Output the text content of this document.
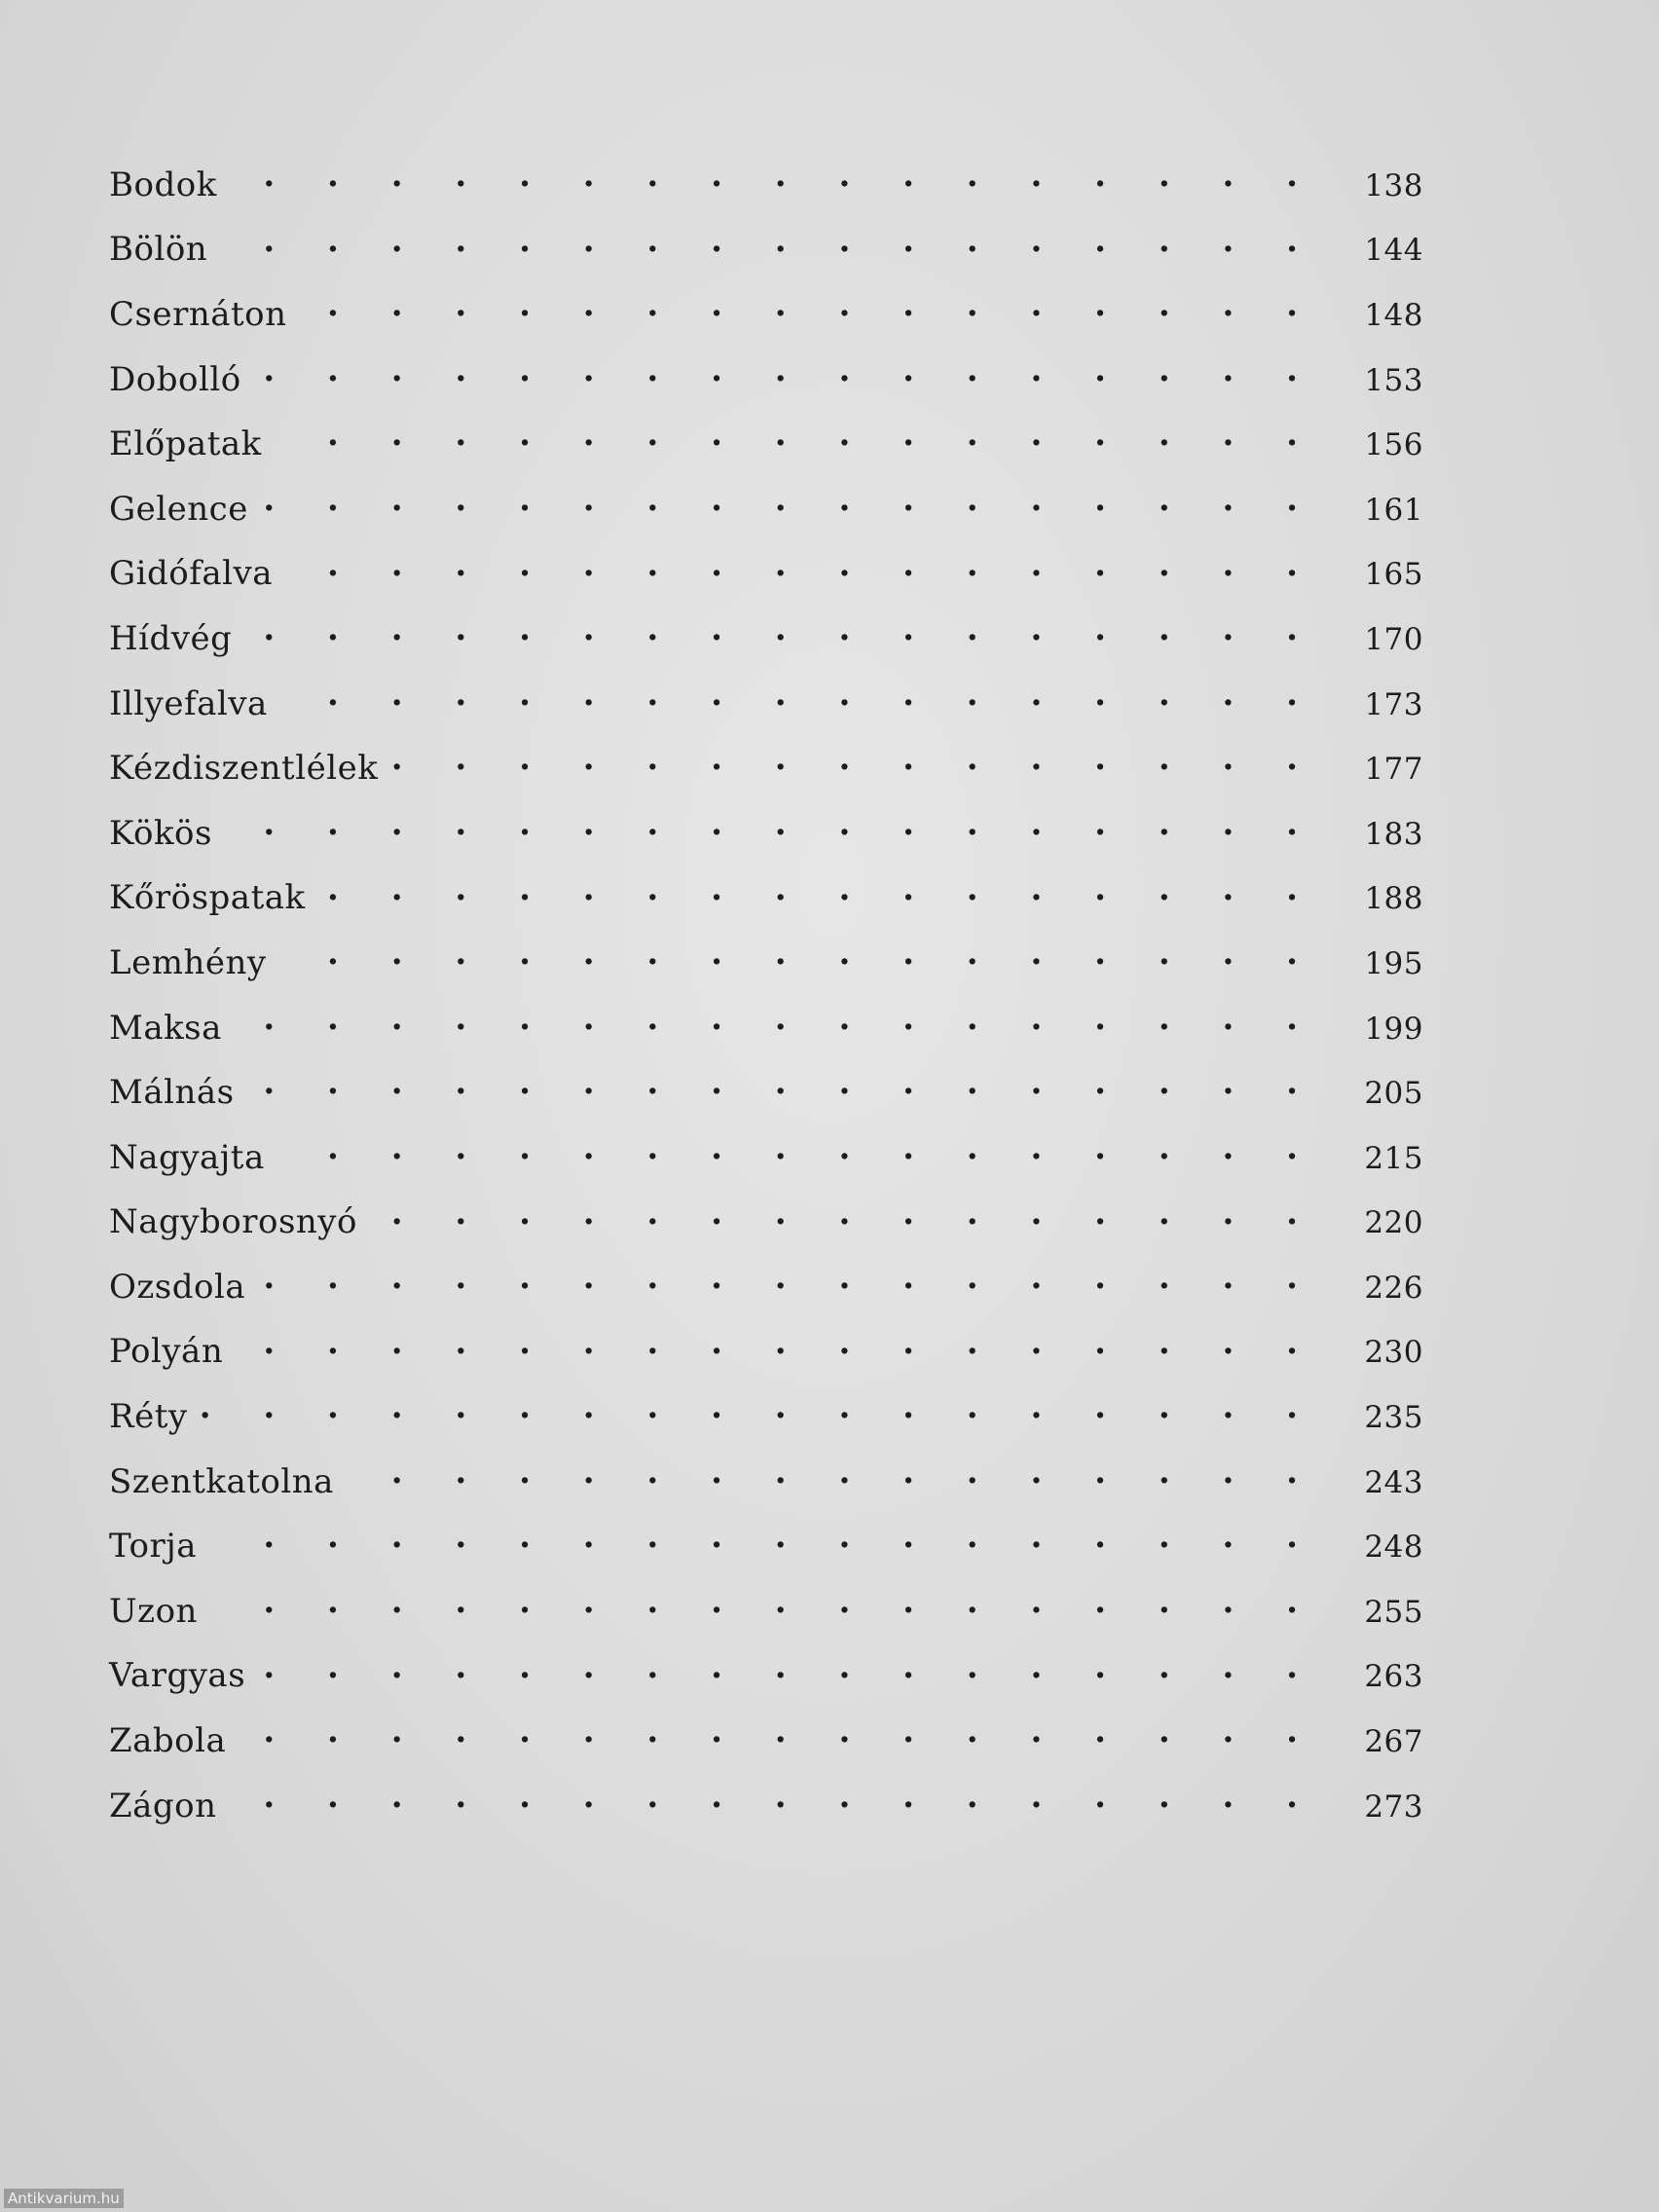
Bodok . . .	138
Bölön . . .	144
Csernáton . . .	148
Dobolló . . .	153
Előpatak . . .	156
Gelence . . .	161
Gidófalva . . .	165
Hídvég . . .	170
Illyefalva . . .	173
Kézdiszentlélek . . .	177
Kökös . . .	183
Kőröspatak . . .	188
Lemhény . . .	195
Maksa . . .	199
Málnás . . .	205
Nagyajta . . .	215
Nagyborosnyó . . .	220
Ozsdola . . .	226
Polyán . . .	230
Réty . . .	235
Szentkatolna . . .	243
Torja . . .	248
Uzon . . .	255
Vargyas . . .	263
Zabola . . .	267
Zágon . . .	273
Antikvarium.hu
